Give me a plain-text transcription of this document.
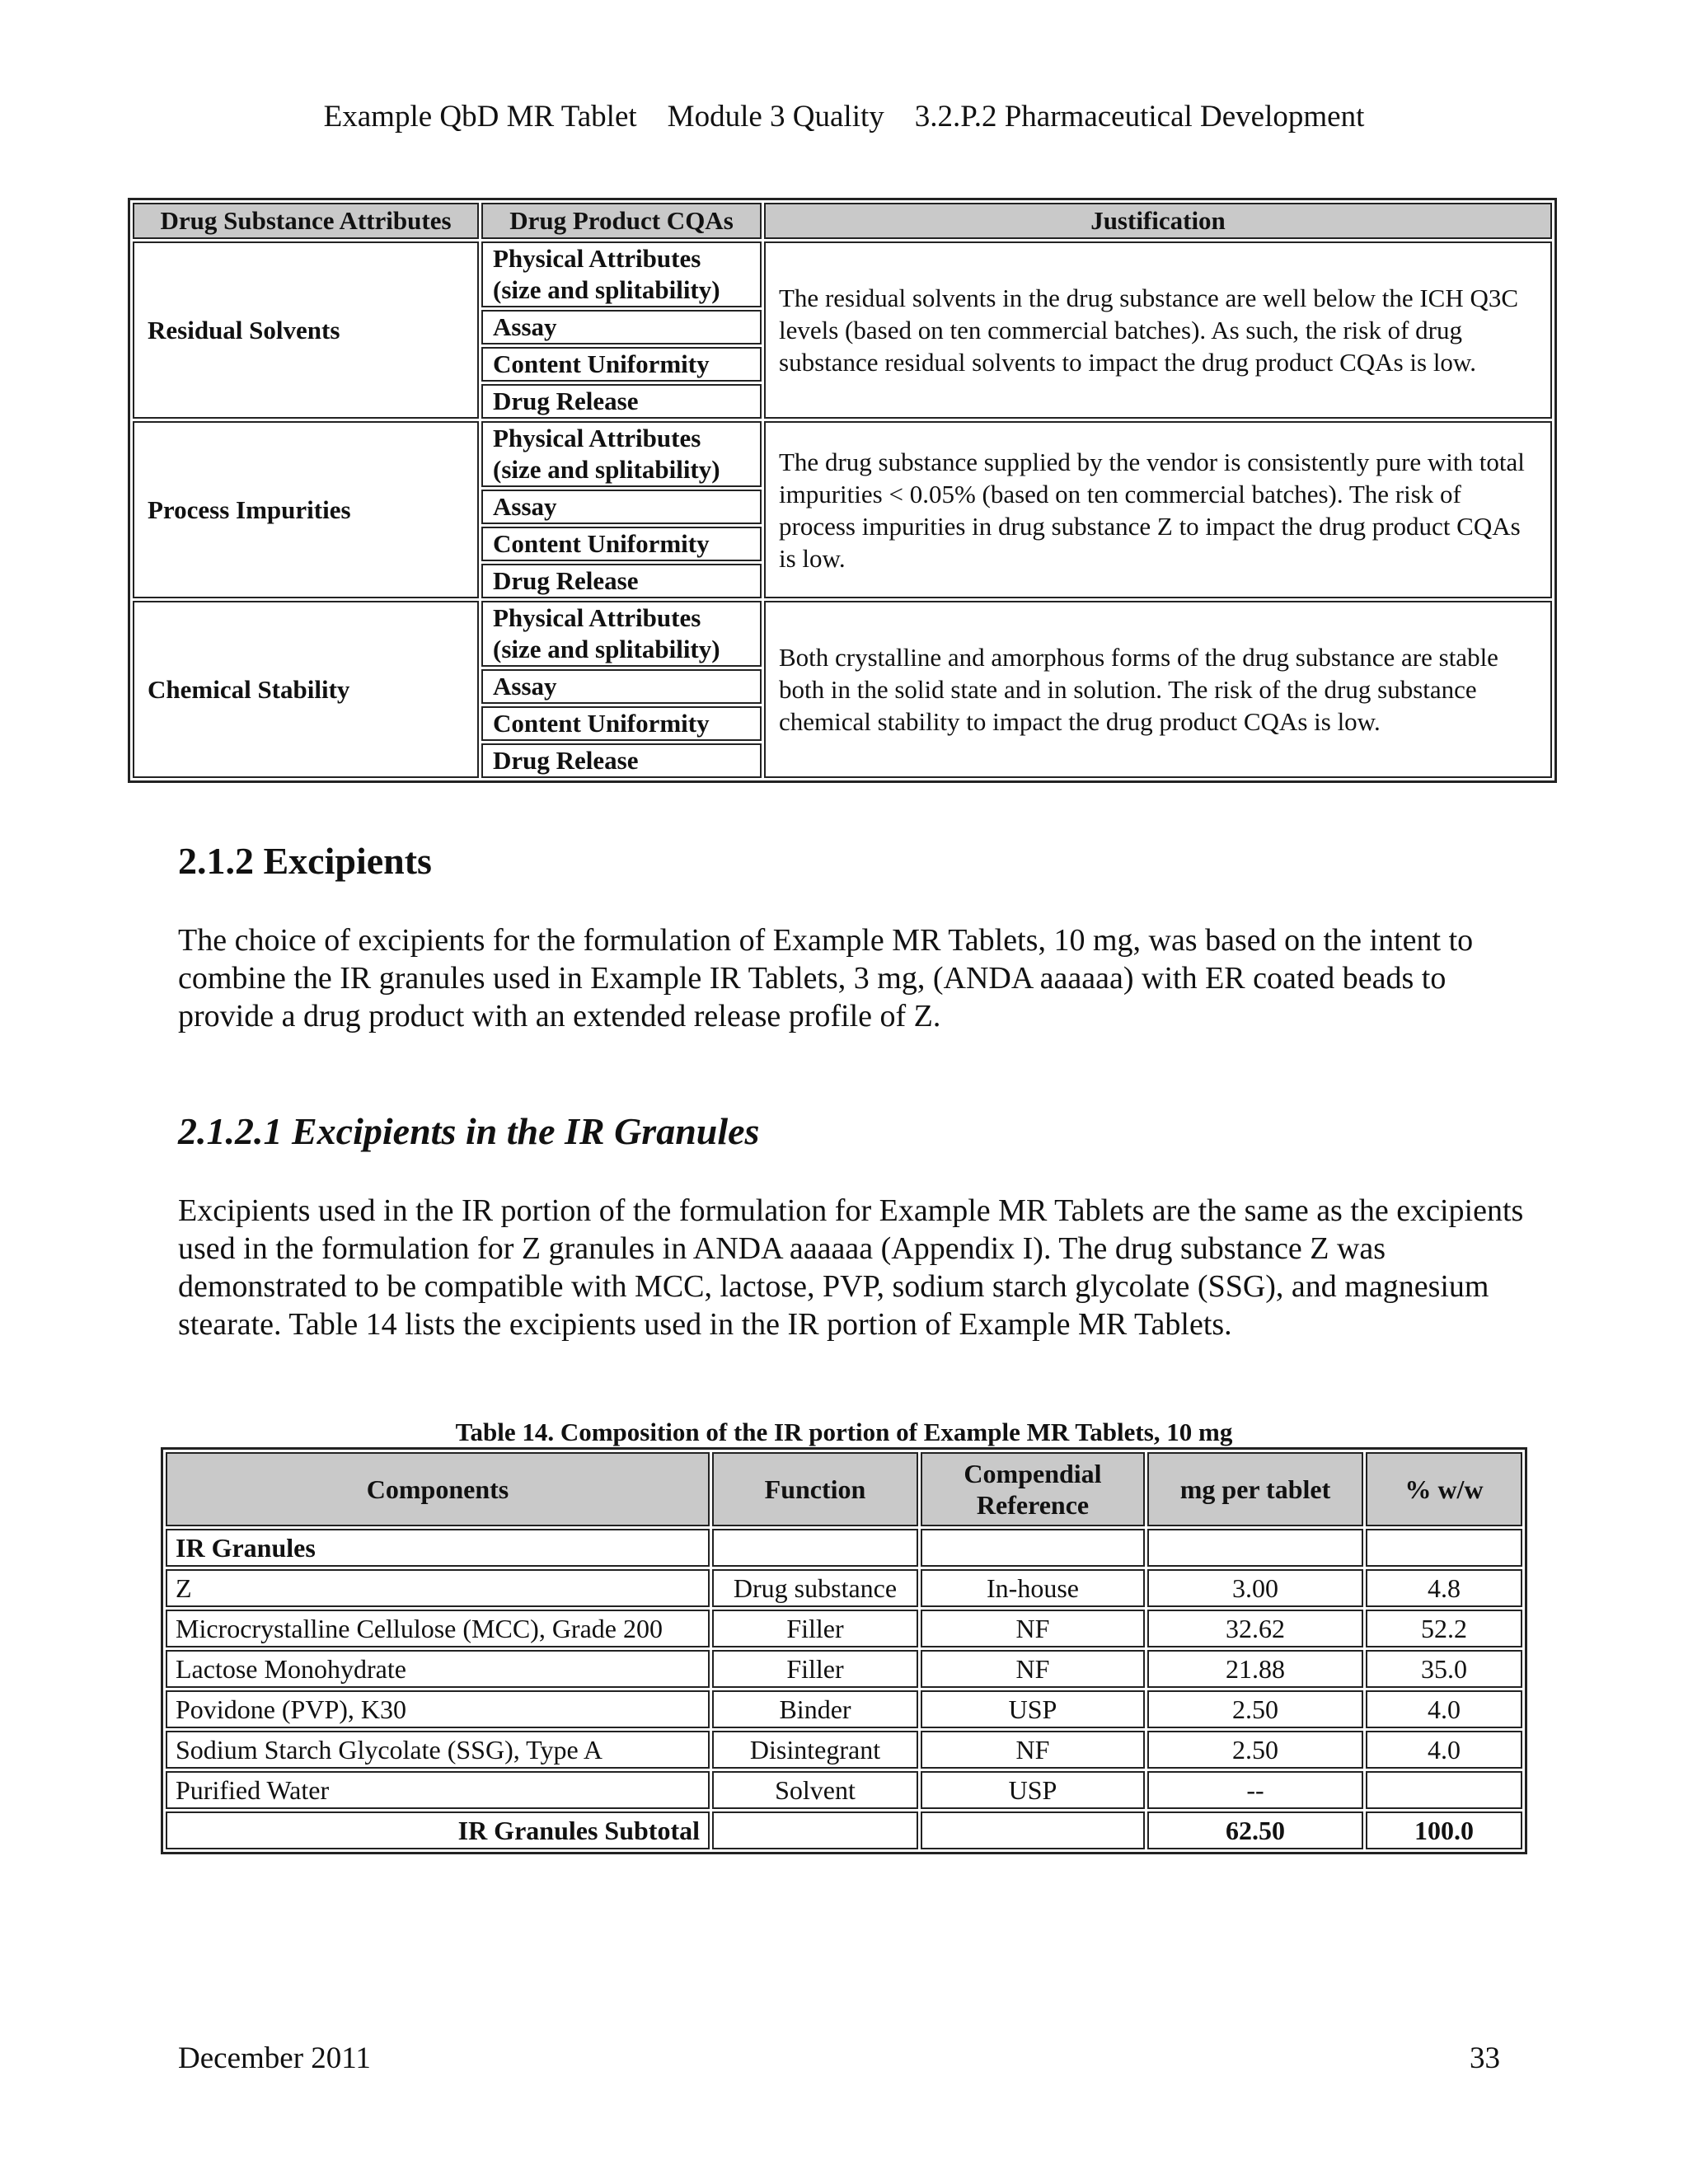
Example QbD MR Tablet    Module 3 Quality    3.2.P.2 Pharmaceutical Development
Drug Substance Attributes	Drug Product CQAs	Justification
Residual Solvents	Physical Attributes (size and splitability)	The residual solvents in the drug substance are well below the ICH Q3C levels (based on ten commercial batches). As such, the risk of drug substance residual solvents to impact the drug product CQAs is low.
	Assay	
	Content Uniformity	
	Drug Release	
Process Impurities	Physical Attributes (size and splitability)	The drug substance supplied by the vendor is consistently pure with total impurities < 0.05% (based on ten commercial batches). The risk of process impurities in drug substance Z to impact the drug product CQAs is low.
	Assay	
	Content Uniformity	
	Drug Release	
Chemical Stability	Physical Attributes (size and splitability)	Both crystalline and amorphous forms of the drug substance are stable both in the solid state and in solution. The risk of the drug substance chemical stability to impact the drug product CQAs is low.
	Assay	
	Content Uniformity	
	Drug Release	
2.1.2 Excipients
The choice of excipients for the formulation of Example MR Tablets, 10 mg, was based on the intent to combine the IR granules used in Example IR Tablets, 3 mg, (ANDA aaaaaa) with ER coated beads to provide a drug product with an extended release profile of Z.
2.1.2.1 Excipients in the IR Granules
Excipients used in the IR portion of the formulation for Example MR Tablets are the same as the excipients used in the formulation for Z granules in ANDA aaaaaa (Appendix I). The drug substance Z was demonstrated to be compatible with MCC, lactose, PVP, sodium starch glycolate (SSG), and magnesium stearate. Table 14 lists the excipients used in the IR portion of Example MR Tablets.
Table 14. Composition of the IR portion of Example MR Tablets, 10 mg
Components	Function	Compendial Reference	mg per tablet	% w/w
IR Granules				
Z	Drug substance	In-house	3.00	4.8
Microcrystalline Cellulose (MCC), Grade 200	Filler	NF	32.62	52.2
Lactose Monohydrate	Filler	NF	21.88	35.0
Povidone (PVP), K30	Binder	USP	2.50	4.0
Sodium Starch Glycolate (SSG), Type A	Disintegrant	NF	2.50	4.0
Purified Water	Solvent	USP	--	
IR Granules Subtotal			62.50	100.0
December 2011	33
